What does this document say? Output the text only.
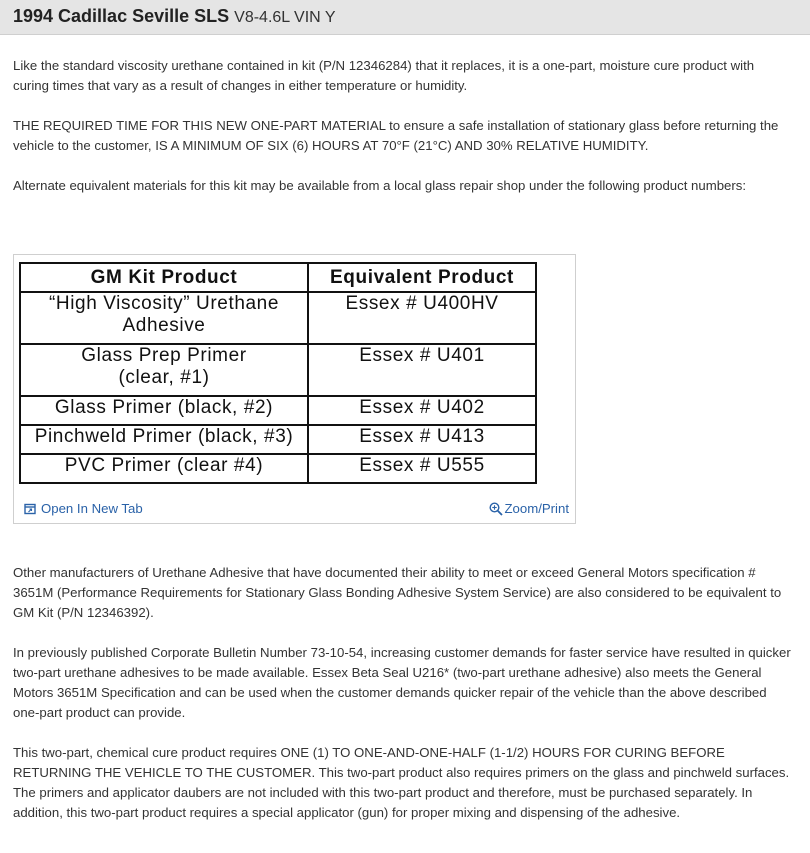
1994 Cadillac Seville SLS V8-4.6L VIN Y
Like the standard viscosity urethane contained in kit (P/N 12346284) that it replaces, it is a one-part, moisture cure product with curing times that vary as a result of changes in either temperature or humidity.
THE REQUIRED TIME FOR THIS NEW ONE-PART MATERIAL to ensure a safe installation of stationary glass before returning the vehicle to the customer, IS A MINIMUM OF SIX (6) HOURS AT 70°F (21°C) AND 30% RELATIVE HUMIDITY.
Alternate equivalent materials for this kit may be available from a local glass repair shop under the following product numbers:
GM Kit Product	Equivalent Product
“High Viscosity” Urethane
Adhesive	Essex # U400HV
Glass Prep Primer
(clear, #1)	Essex # U401
Glass Primer (black, #2)	Essex # U402
Pinchweld Primer (black, #3)	Essex # U413
PVC Primer (clear #4)	Essex # U555
Open In New Tab	Zoom/Print
Other manufacturers of Urethane Adhesive that have documented their ability to meet or exceed General Motors specification # 3651M (Performance Requirements for Stationary Glass Bonding Adhesive System Service) are also considered to be equivalent to GM Kit (P/N 12346392).
In previously published Corporate Bulletin Number 73-10-54, increasing customer demands for faster service have resulted in quicker two-part urethane adhesives to be made available. Essex Beta Seal U216* (two-part urethane adhesive) also meets the General Motors 3651M Specification and can be used when the customer demands quicker repair of the vehicle than the above described one-part product can provide.
This two-part, chemical cure product requires ONE (1) TO ONE-AND-ONE-HALF (1-1/2) HOURS FOR CURING BEFORE RETURNING THE VEHICLE TO THE CUSTOMER. This two-part product also requires primers on the glass and pinchweld surfaces. The primers and applicator daubers are not included with this two-part product and therefore, must be purchased separately. In addition, this two-part product requires a special applicator (gun) for proper mixing and dispensing of the adhesive.
